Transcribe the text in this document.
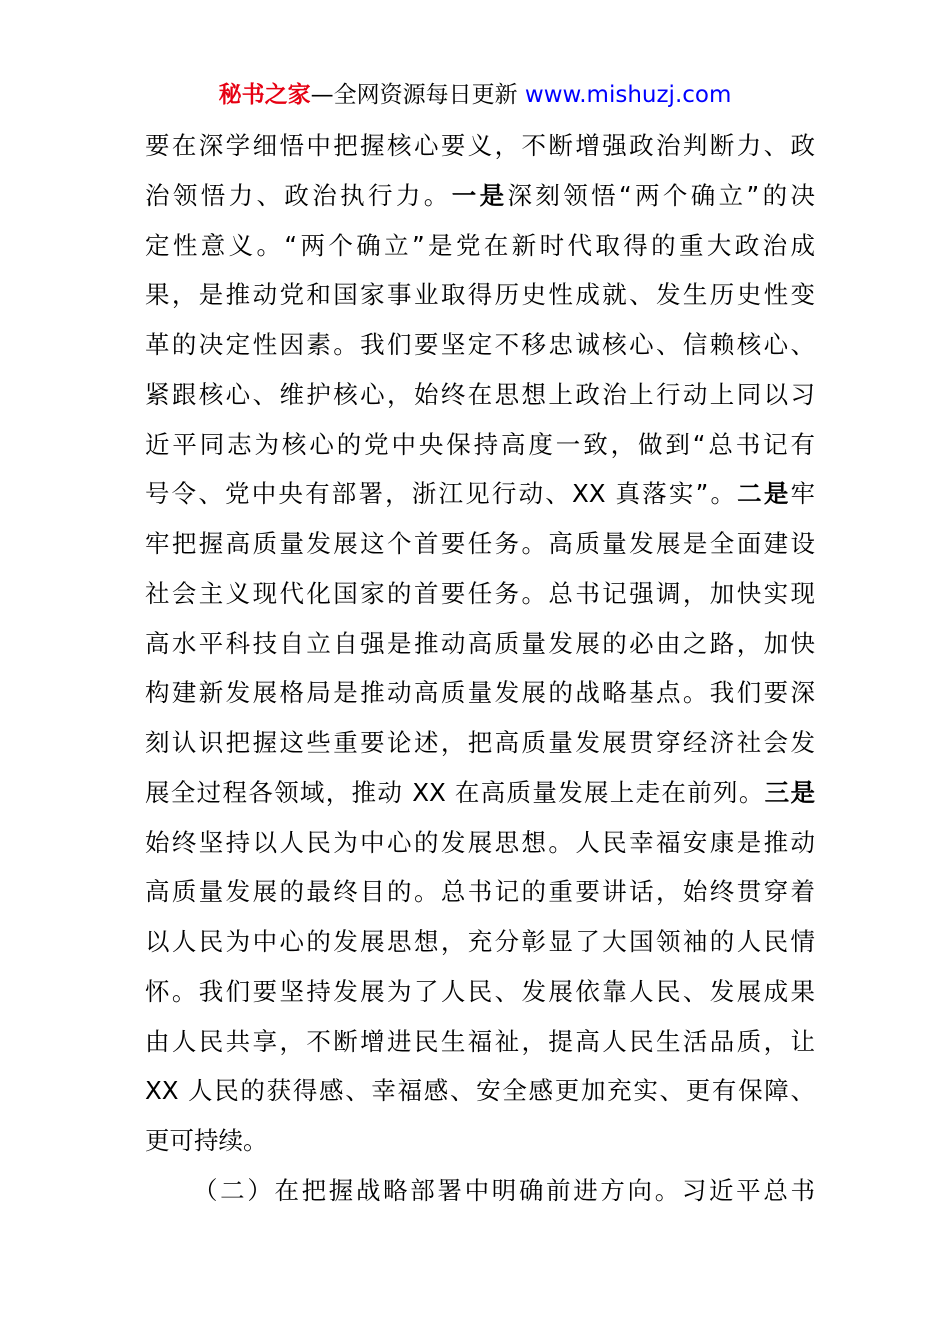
秘书之家—全网资源每日更新 www.mishuzj.com
要在深学细悟中把握核心要义，不断增强政治判断力、政
治领悟力、政治执行力。一是深刻领悟“两个确立”的决
定性意义。“两个确立”是党在新时代取得的重大政治成
果，是推动党和国家事业取得历史性成就、发生历史性变
革的决定性因素。我们要坚定不移忠诚核心、信赖核心、
紧跟核心、维护核心，始终在思想上政治上行动上同以习
近平同志为核心的党中央保持高度一致，做到“总书记有
号令、党中央有部署，浙江见行动、XX 真落实”。二是牢
牢把握高质量发展这个首要任务。高质量发展是全面建设
社会主义现代化国家的首要任务。总书记强调，加快实现
高水平科技自立自强是推动高质量发展的必由之路，加快
构建新发展格局是推动高质量发展的战略基点。我们要深
刻认识把握这些重要论述，把高质量发展贯穿经济社会发
展全过程各领域，推动 XX 在高质量发展上走在前列。三是
始终坚持以人民为中心的发展思想。人民幸福安康是推动
高质量发展的最终目的。总书记的重要讲话，始终贯穿着
以人民为中心的发展思想，充分彰显了大国领袖的人民情
怀。我们要坚持发展为了人民、发展依靠人民、发展成果
由人民共享，不断增进民生福祉，提高人民生活品质，让
XX 人民的获得感、幸福感、安全感更加充实、更有保障、
更可持续。
（二）在把握战略部署中明确前进方向。习近平总书
